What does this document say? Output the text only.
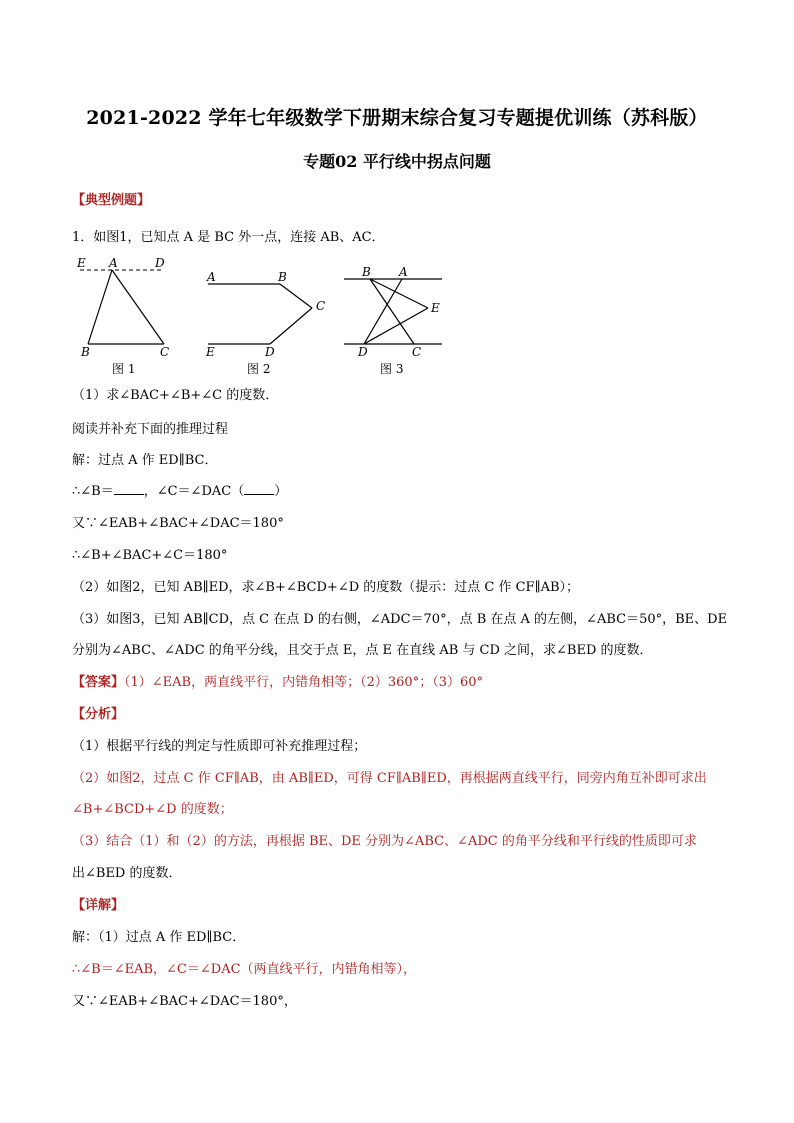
2021-2022 学年七年级数学下册期末综合复习专题提优训练（苏科版）
专题02 平行线中拐点问题
【典型例题】
1．如图1，已知点 A 是 BC 外一点，连接 AB、AC．
E A	D
B	C
图 1
A	B
C
E	D
图 2
B A
E
D	C
图 3
（1）求∠BAC+∠B+∠C 的度数．
阅读并补充下面的推理过程
解：过点 A 作 ED∥BC．
∴∠B＝ ，∠C＝∠DAC（ ）
又∵∠EAB+∠BAC+∠DAC＝180°
∴∠B+∠BAC+∠C＝180°
（2）如图2，已知 AB∥ED，求∠B+∠BCD+∠D 的度数（提示：过点 C 作 CF∥AB）；
（3）如图3，已知 AB∥CD，点 C 在点 D 的右侧，∠ADC＝70°，点 B 在点 A 的左侧，∠ABC＝50°，BE、DE
分别为∠ABC、∠ADC 的角平分线，且交于点 E，点 E 在直线 AB 与 CD 之间，求∠BED 的度数．
【答案】（1）∠EAB，两直线平行，内错角相等；（2）360°；（3）60°
【分析】
（1）根据平行线的判定与性质即可补充推理过程；
（2）如图2，过点 C 作 CF∥AB，由 AB∥ED，可得 CF∥AB∥ED，再根据两直线平行，同旁内角互补即可求出
∠B+∠BCD+∠D 的度数；
（3）结合（1）和（2）的方法，再根据 BE、DE 分别为∠ABC、∠ADC 的角平分线和平行线的性质即可求
出∠BED 的度数．
【详解】
解：（1）过点 A 作 ED∥BC．
∴∠B＝∠EAB，∠C＝∠DAC（两直线平行，内错角相等），
又∵∠EAB+∠BAC+∠DAC＝180°，
